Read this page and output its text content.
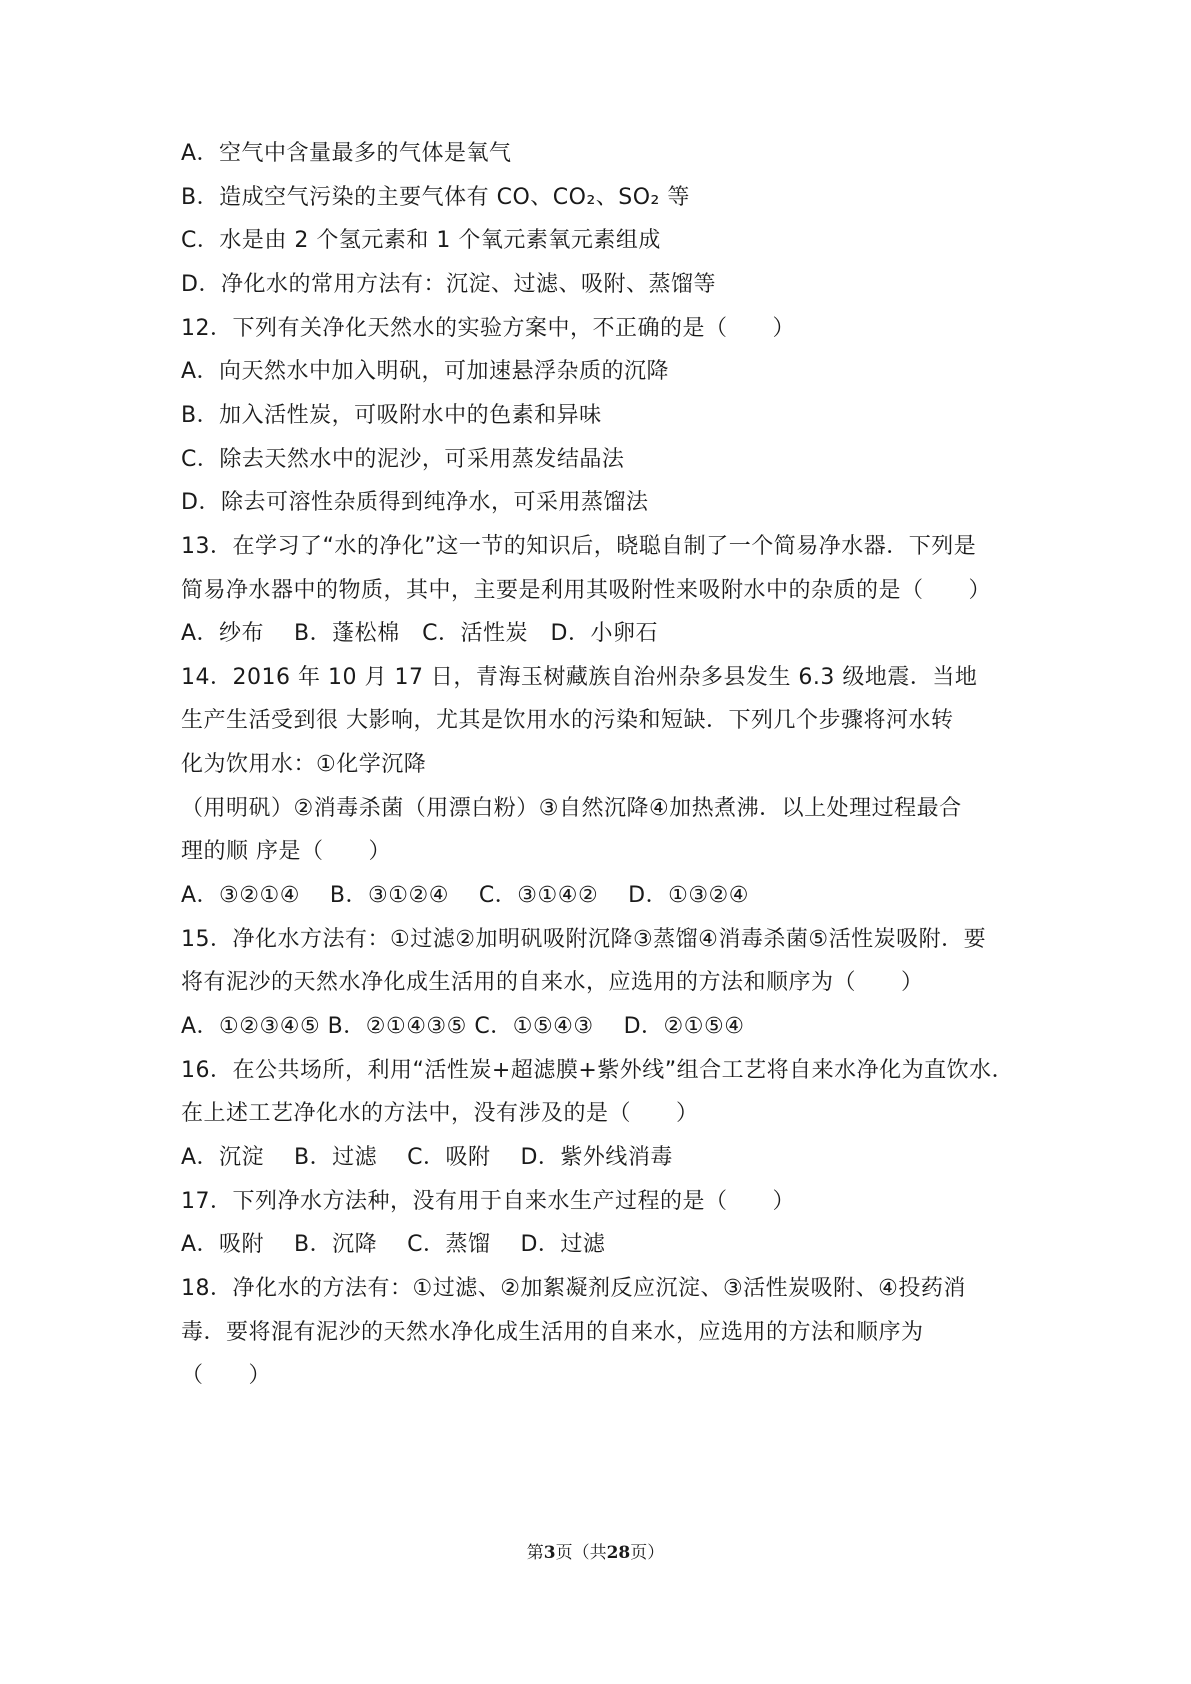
A．空气中含量最多的气体是氧气
B．造成空气污染的主要气体有 CO、CO₂、SO₂ 等
C．水是由 2 个氢元素和 1 个氧元素氧元素组成
D．净化水的常用方法有：沉淀、过滤、吸附、蒸馏等
12．下列有关净化天然水的实验方案中，不正确的是（　　）
A．向天然水中加入明矾，可加速悬浮杂质的沉降
B．加入活性炭，可吸附水中的色素和异味
C．除去天然水中的泥沙，可采用蒸发结晶法
D．除去可溶性杂质得到纯净水，可采用蒸馏法
13．在学习了“水的净化”这一节的知识后，晓聪自制了一个简易净水器．下列是
简易净水器中的物质，其中，主要是利用其吸附性来吸附水中的杂质的是（　　）
A．纱布　 B．蓬松棉　C．活性炭　D．小卵石
14．2016 年 10 月 17 日，青海玉树藏族自治州杂多县发生 6.3 级地震．当地
生产生活受到很 大影响，尤其是饮用水的污染和短缺．下列几个步骤将河水转
化为饮用水：①化学沉降
（用明矾）②消毒杀菌（用漂白粉）③自然沉降④加热煮沸．以上处理过程最合
理的顺 序是（　　）
A．③②①④　 B．③①②④　 C．③①④②　 D．①③②④
15．净化水方法有：①过滤②加明矾吸附沉降③蒸馏④消毒杀菌⑤活性炭吸附．要
将有泥沙的天然水净化成生活用的自来水，应选用的方法和顺序为（　　）
A．①②③④⑤ B．②①④③⑤ C．①⑤④③　 D．②①⑤④
16．在公共场所，利用“活性炭+超滤膜+紫外线”组合工艺将自来水净化为直饮水．
在上述工艺净化水的方法中，没有涉及的是（　　）
A．沉淀　 B．过滤　 C．吸附　 D．紫外线消毒
17．下列净水方法种，没有用于自来水生产过程的是（　　）
A．吸附　 B．沉降　 C．蒸馏　 D．过滤
18．净化水的方法有：①过滤、②加絮凝剂反应沉淀、③活性炭吸附、④投药消
毒．要将混有泥沙的天然水净化成生活用的自来水，应选用的方法和顺序为
（　　）
第3页（共28页）
